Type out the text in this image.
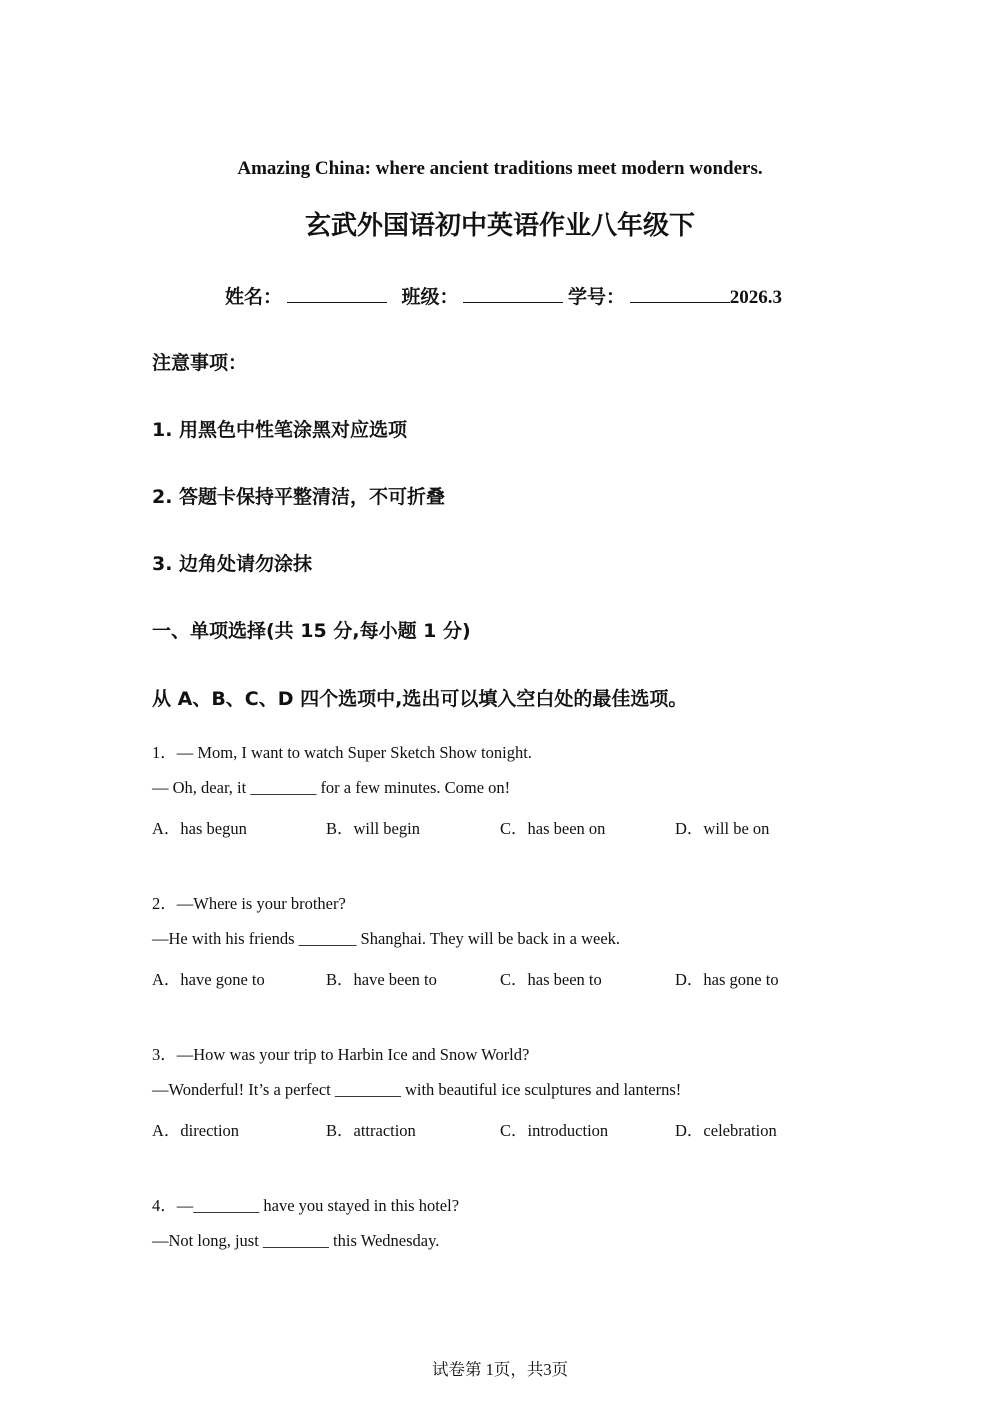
Amazing China: where ancient traditions meet modern wonders.
玄武外国语初中英语作业八年级下
姓名：	班级：	学号：	2026.3
注意事项：
1. 用黑色中性笔涂黑对应选项
2. 答题卡保持平整清洁，不可折叠
3. 边角处请勿涂抹
一、单项选择(共 15 分,每小题 1 分)
从 A、B、C、D 四个选项中,选出可以填入空白处的最佳选项。
1．— Mom, I want to watch Super Sketch Show tonight.
— Oh, dear, it ________ for a few minutes. Come on!
A．has begun	B．will begin	C．has been on	D．will be on
2．—Where is your brother?
—He with his friends _______ Shanghai. They will be back in a week.
A．have gone to	B．have been to	C．has been to	D．has gone to
3．—How was your trip to Harbin Ice and Snow World?
—Wonderful! It’s a perfect ________ with beautiful ice sculptures and lanterns!
A．direction	B．attraction	C．introduction	D．celebration
4．—________ have you stayed in this hotel?
—Not long, just ________ this Wednesday.
试卷第 1页，共3页
